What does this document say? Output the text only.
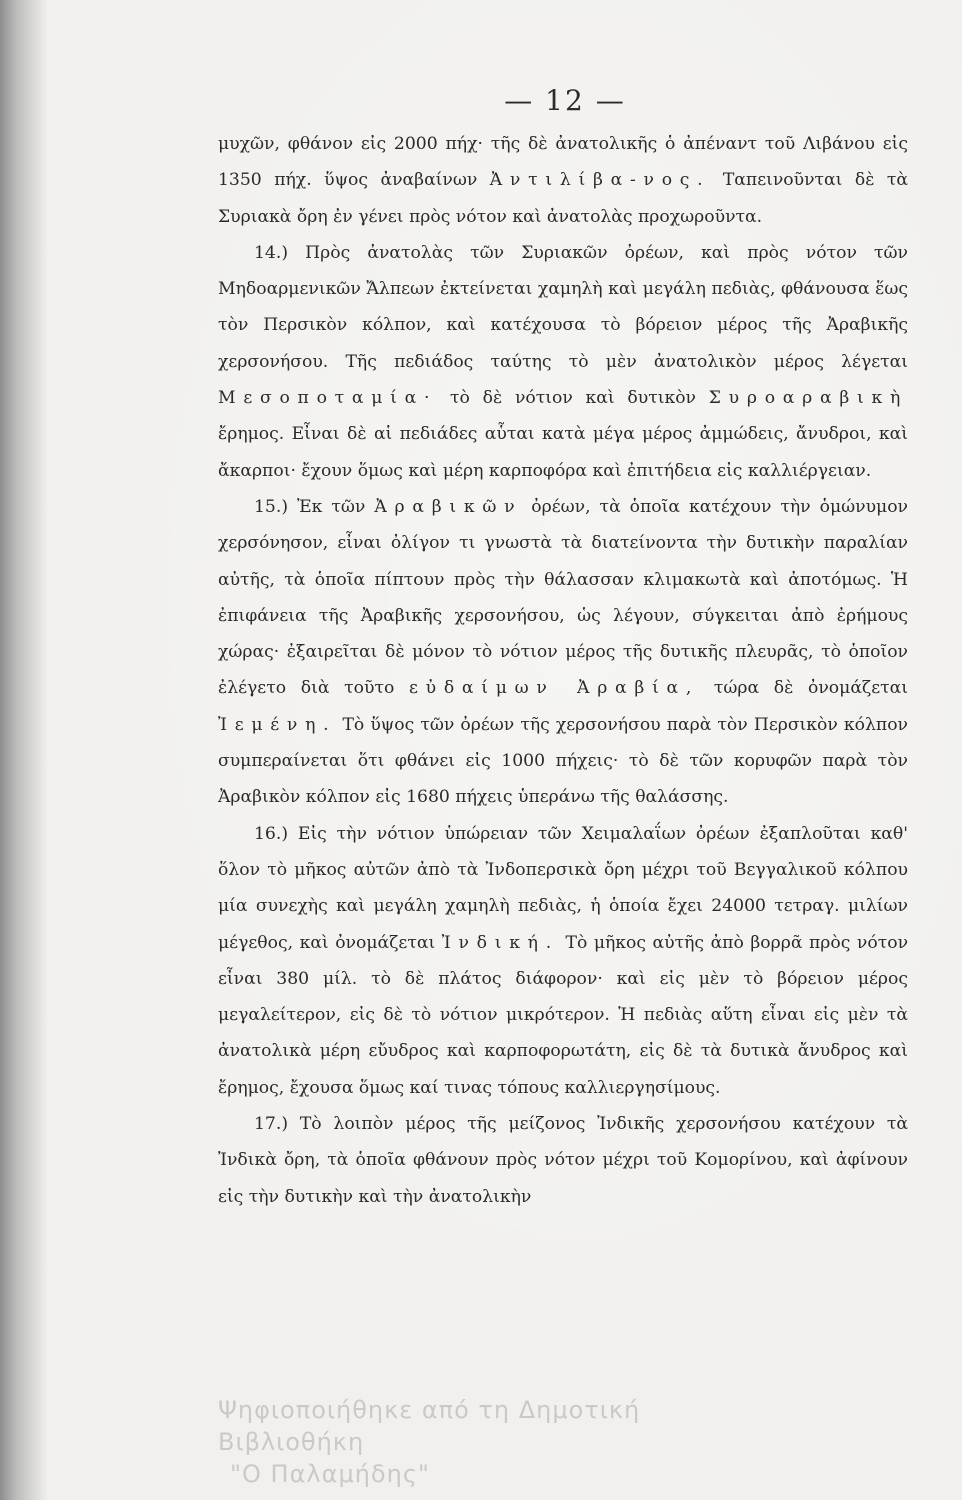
— 12 —

μυχῶν, φθάνον εἰς 2000 πήχ· τῆς δὲ ἀνατολικῆς ὁ ἀπέναντ τοῦ Λιβάνου εἰς 1350 πήχ. ὕψος ἀναβαίνων Ἀντιλίβα-νος. Ταπεινοῦνται δὲ τὰ Συριακὰ ὄρη ἐν γένει πρὸς νότον καὶ ἀνατολὰς προχωροῦντα.

14.) Πρὸς ἀνατολὰς τῶν Συριακῶν ὀρέων, καὶ πρὸς νότον τῶν Μηδοαρμενικῶν Ἄλπεων ἐκτείνεται χαμηλὴ καὶ μεγάλη πεδιὰς, φθάνουσα ἕως τὸν Περσικὸν κόλπον, καὶ κατέχουσα τὸ βόρειον μέρος τῆς Ἀραβικῆς χερσονήσου. Τῆς πεδιάδος ταύτης τὸ μὲν ἀνατολικὸν μέρος λέγεται Μεσοποταμία· τὸ δὲ νότιον καὶ δυτικὸν Συροαραβικὴ ἔρημος. Εἶναι δὲ αἱ πεδιάδες αὗται κατὰ μέγα μέρος ἀμμώδεις, ἄνυδροι, καὶ ἄκαρποι· ἔχουν ὅμως καὶ μέρη καρποφόρα καὶ ἐπιτήδεια εἰς καλλιέργειαν.

15.) Ἐκ τῶν Ἀραβικῶν ὀρέων, τὰ ὁποῖα κατέχουν τὴν ὁμώνυμον χερσόνησον, εἶναι ὀλίγον τι γνωστὰ τὰ διατείνοντα τὴν δυτικὴν παραλίαν αὐτῆς, τὰ ὁποῖα πίπτουν πρὸς τὴν θάλασσαν κλιμακωτὰ καὶ ἀποτόμως. Ἡ ἐπιφάνεια τῆς Ἀραβικῆς χερσονήσου, ὡς λέγουν, σύγκειται ἀπὸ ἐρήμους χώρας· ἐξαιρεῖται δὲ μόνον τὸ νότιον μέρος τῆς δυτικῆς πλευρᾶς, τὸ ὁποῖον ἐλέγετο διὰ τοῦτο εὐδαίμων Ἀραβία, τώρα δὲ ὀνομάζεται Ἰεμένη. Τὸ ὕψος τῶν ὀρέων τῆς χερσονήσου παρὰ τὸν Περσικὸν κόλπον συμπεραίνεται ὅτι φθάνει εἰς 1000 πήχεις· τὸ δὲ τῶν κορυφῶν παρὰ τὸν Ἀραβικὸν κόλπον εἰς 1680 πήχεις ὑπεράνω τῆς θαλάσσης.

16.) Εἰς τὴν νότιον ὑπώρειαν τῶν Χειμαλαΐων ὀρέων ἐξαπλοῦται καθ' ὅλον τὸ μῆκος αὐτῶν ἀπὸ τὰ Ἰνδοπερσικὰ ὄρη μέχρι τοῦ Βεγγαλικοῦ κόλπου μία συνεχὴς καὶ μεγάλη χαμηλὴ πεδιὰς, ἡ ὁποία ἔχει 24000 τετραγ. μιλίων μέγεθος, καὶ ὀνομάζεται Ἰνδική. Τὸ μῆκος αὐτῆς ἀπὸ βορρᾶ πρὸς νότον εἶναι 380 μίλ. τὸ δὲ πλάτος διάφορον· καὶ εἰς μὲν τὸ βόρειον μέρος μεγαλείτερον, εἰς δὲ τὸ νότιον μικρότερον. Ἡ πεδιὰς αὕτη εἶναι εἰς μὲν τὰ ἀνατολικὰ μέρη εὔυδρος καὶ καρποφορωτάτη, εἰς δὲ τὰ δυτικὰ ἄνυδρος καὶ ἔρημος, ἔχουσα ὅμως καί τινας τόπους καλλιεργησίμους.

17.) Τὸ λοιπὸν μέρος τῆς μείζονος Ἰνδικῆς χερσονήσου κατέχουν τὰ Ἰνδικὰ ὄρη, τὰ ὁποῖα φθάνουν πρὸς νότον μέχρι τοῦ Κομορίνου, καὶ ἀφίνουν εἰς τὴν δυτικὴν καὶ τὴν ἀνατολικὴν

Ψηφιοποιήθηκε από τη Δημοτική Βιβλιοθήκη
"Ο Παλαμήδης"
